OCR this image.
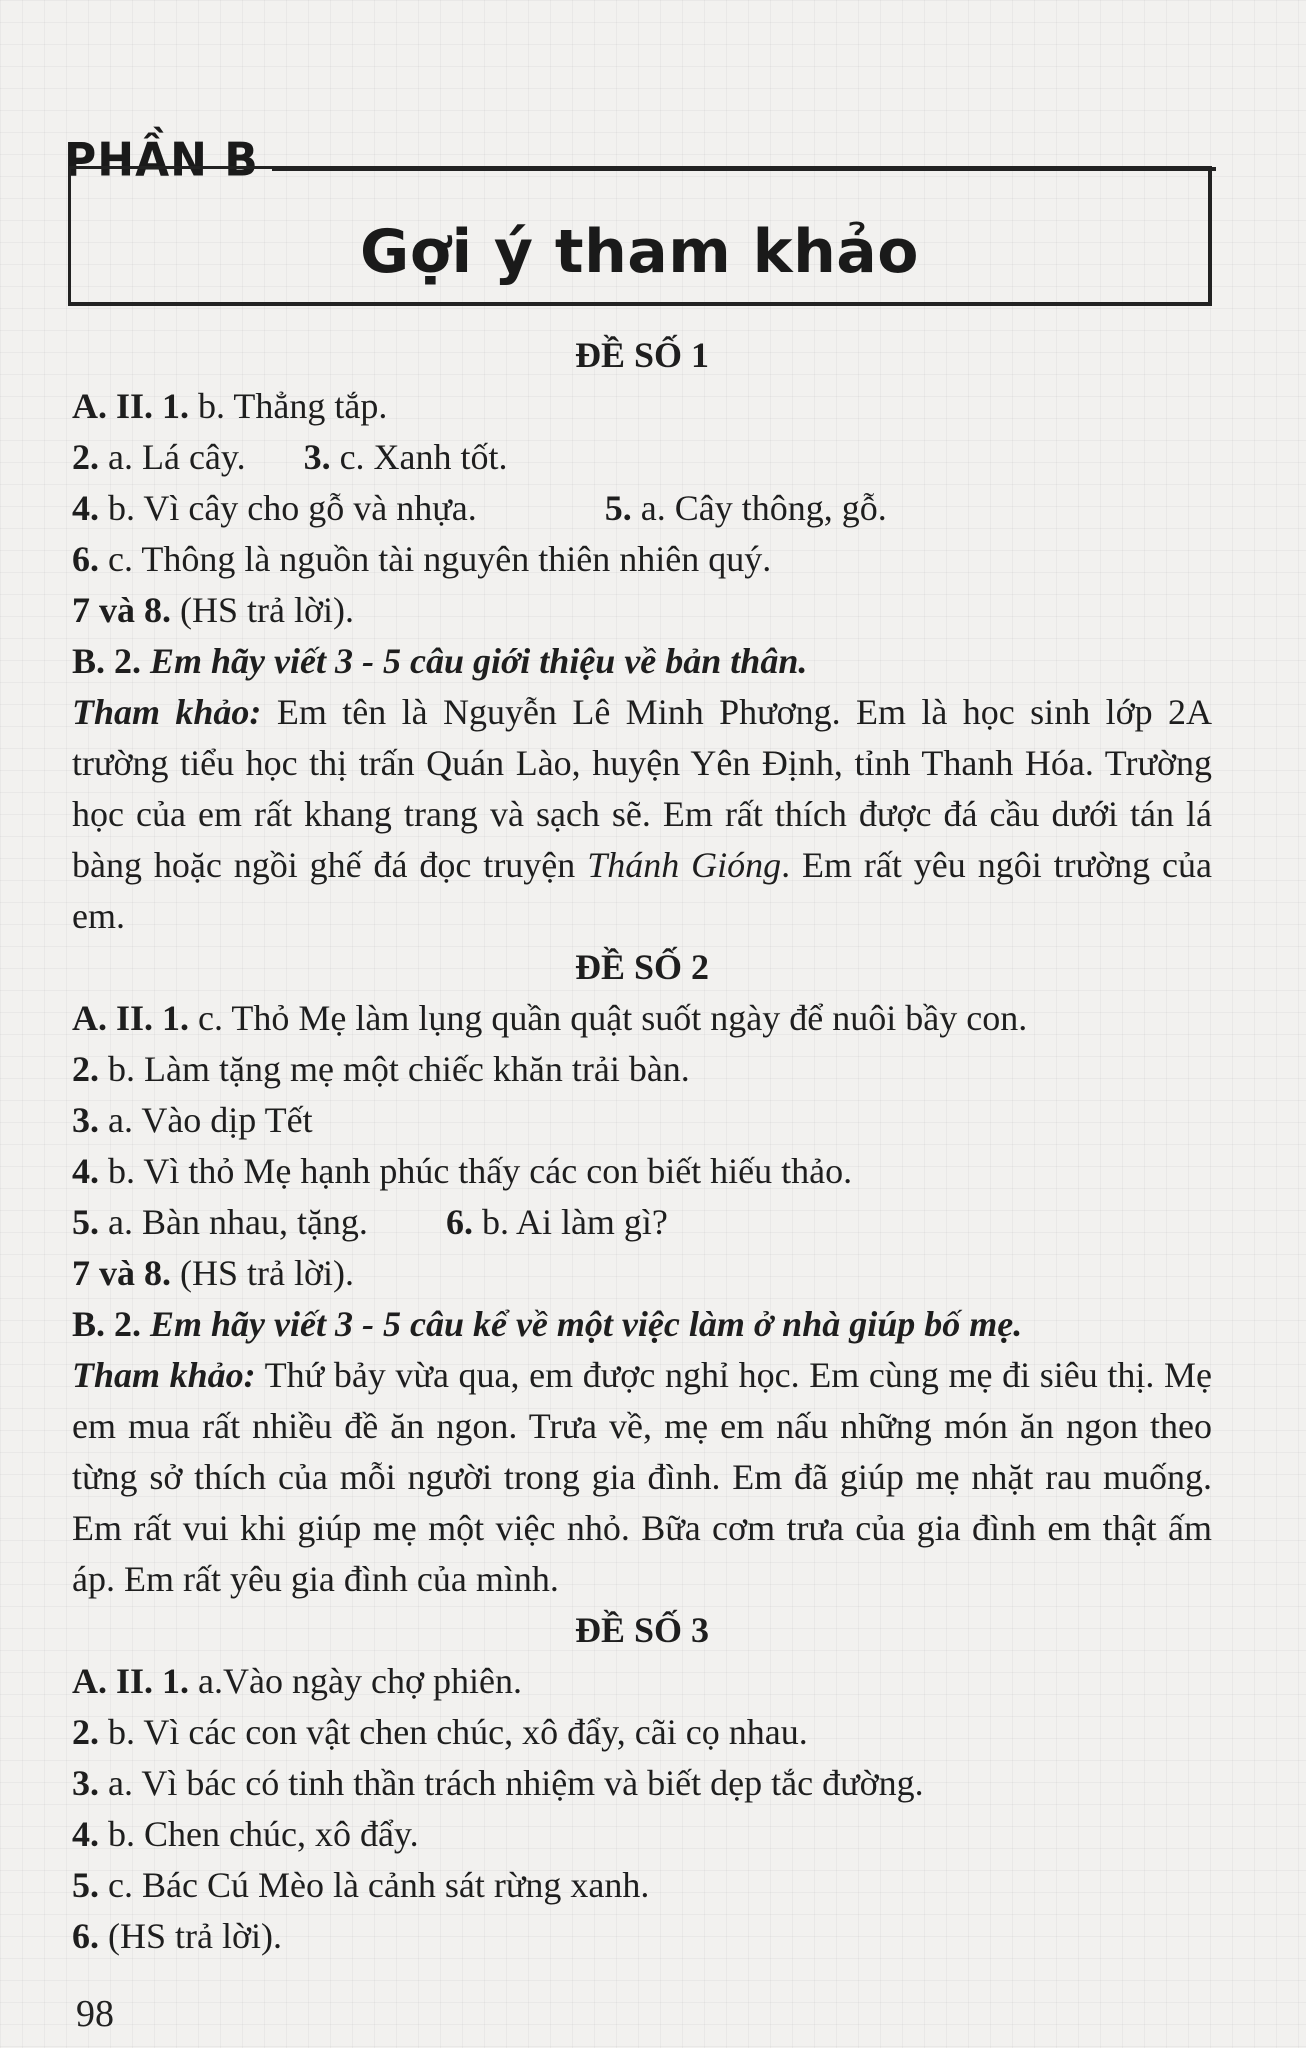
PHẦN B
Gợi ý tham khảo
ĐỀ SỐ 1
A. II. 1. b. Thẳng tắp.
2. a. Lá cây. 3. c. Xanh tốt.
4. b. Vì cây cho gỗ và nhựa.	5. a. Cây thông, gỗ.
6. c. Thông là nguồn tài nguyên thiên nhiên quý.
7 và 8. (HS trả lời).
B. 2. Em hãy viết 3 - 5 câu giới thiệu về bản thân.
Tham khảo: Em tên là Nguyễn Lê Minh Phương. Em là học sinh lớp 2A trường tiểu học thị trấn Quán Lào, huyện Yên Định, tỉnh Thanh Hóa. Trường học của em rất khang trang và sạch sẽ. Em rất thích được đá cầu dưới tán lá bàng hoặc ngồi ghế đá đọc truyện Thánh Gióng. Em rất yêu ngôi trường của em.
ĐỀ SỐ 2
A. II. 1. c. Thỏ Mẹ làm lụng quần quật suốt ngày để nuôi bầy con.
2. b. Làm tặng mẹ một chiếc khăn trải bàn.
3. a. Vào dịp Tết
4. b. Vì thỏ Mẹ hạnh phúc thấy các con biết hiếu thảo.
5. a. Bàn nhau, tặng. 6. b. Ai làm gì?
7 và 8. (HS trả lời).
B. 2. Em hãy viết 3 - 5 câu kể về một việc làm ở nhà giúp bố mẹ.
Tham khảo: Thứ bảy vừa qua, em được nghỉ học. Em cùng mẹ đi siêu thị. Mẹ em mua rất nhiều đề ăn ngon. Trưa về, mẹ em nấu những món ăn ngon theo từng sở thích của mỗi người trong gia đình. Em đã giúp mẹ nhặt rau muống. Em rất vui khi giúp mẹ một việc nhỏ. Bữa cơm trưa của gia đình em thật ấm áp. Em rất yêu gia đình của mình.
ĐỀ SỐ 3
A. II. 1. a.Vào ngày chợ phiên.
2. b. Vì các con vật chen chúc, xô đẩy, cãi cọ nhau.
3. a. Vì bác có tinh thần trách nhiệm và biết dẹp tắc đường.
4. b. Chen chúc, xô đẩy.
5. c. Bác Cú Mèo là cảnh sát rừng xanh.
6. (HS trả lời).
98
